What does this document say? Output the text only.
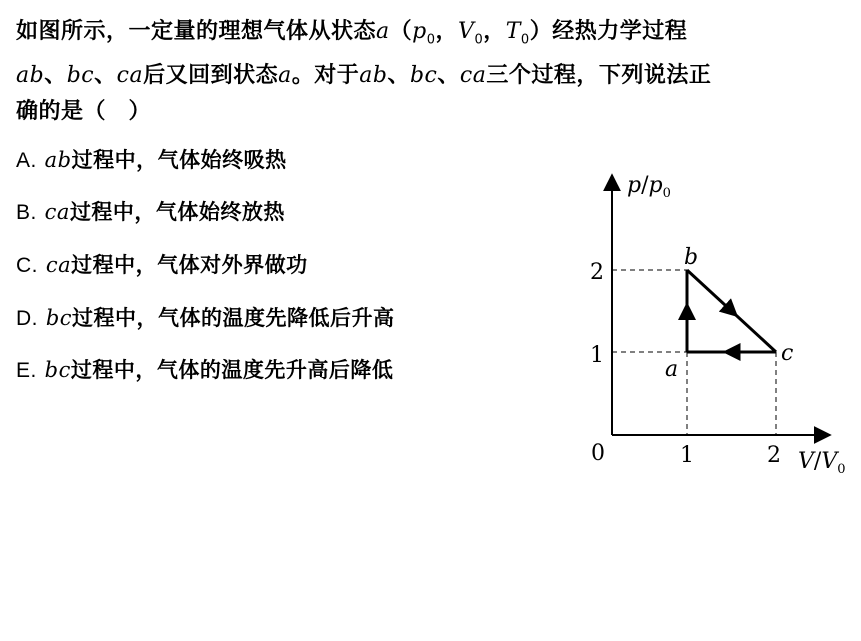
如图所示，一定量的理想气体从状态$a(p_0$，$V_0$，$T_0$）经热力学过程
ab、bc、ca后又回到状态a。对于ab、bc、ca三个过程，下列说法正
确的是（　）
A. ab过程中，气体始终吸热
B. ca过程中，气体始终放热
C. ca过程中，气体对外界做功
D. bc过程中，气体的温度先降低后升高
E. bc过程中，气体的温度先升高后降低
0	1	2
2
1
$p/p_0$
$V/V_0$
b
a
c
